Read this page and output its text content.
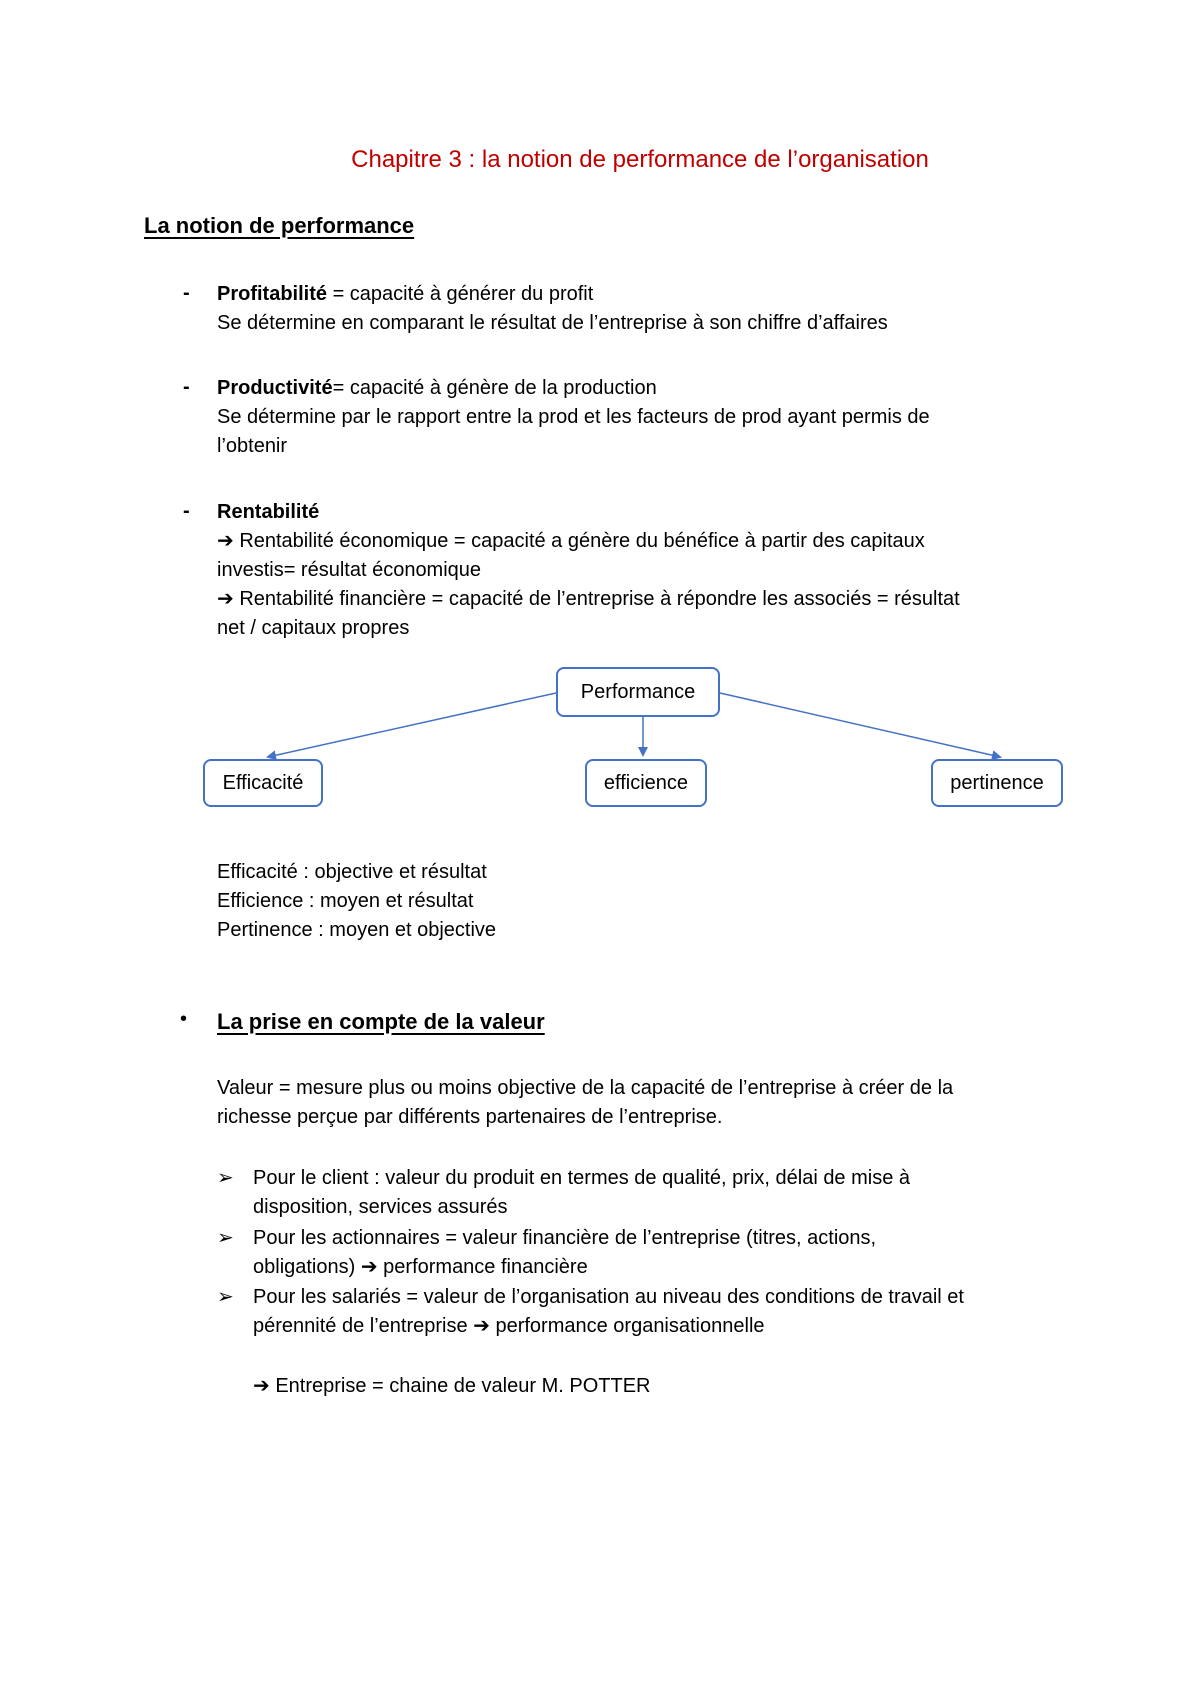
Chapitre 3 : la notion de performance de l’organisation
La notion de performance
- Profitabilité = capacité à générer du profit
Se détermine en comparant le résultat de l’entreprise à son chiffre d’affaires
- Productivité= capacité à génère de la production
Se détermine par le rapport entre la prod et les facteurs de prod ayant permis de
l’obtenir
- Rentabilité
➔ Rentabilité économique = capacité a génère du bénéfice à partir des capitaux
investis= résultat économique
➔ Rentabilité financière = capacité de l’entreprise à répondre les associés = résultat
net / capitaux propres
Performance
Efficacité	efficience	pertinence
Efficacité : objective et résultat
Efficience : moyen et résultat
Pertinence : moyen et objective
• La prise en compte de la valeur
Valeur = mesure plus ou moins objective de la capacité de l’entreprise à créer de la
richesse perçue par différents partenaires de l’entreprise.
➢ Pour le client : valeur du produit en termes de qualité, prix, délai de mise à
disposition, services assurés
➢ Pour les actionnaires = valeur financière de l’entreprise (titres, actions,
obligations) ➔ performance financière
➢ Pour les salariés = valeur de l’organisation au niveau des conditions de travail et
pérennité de l’entreprise ➔ performance organisationnelle
➔ Entreprise = chaine de valeur M. POTTER
